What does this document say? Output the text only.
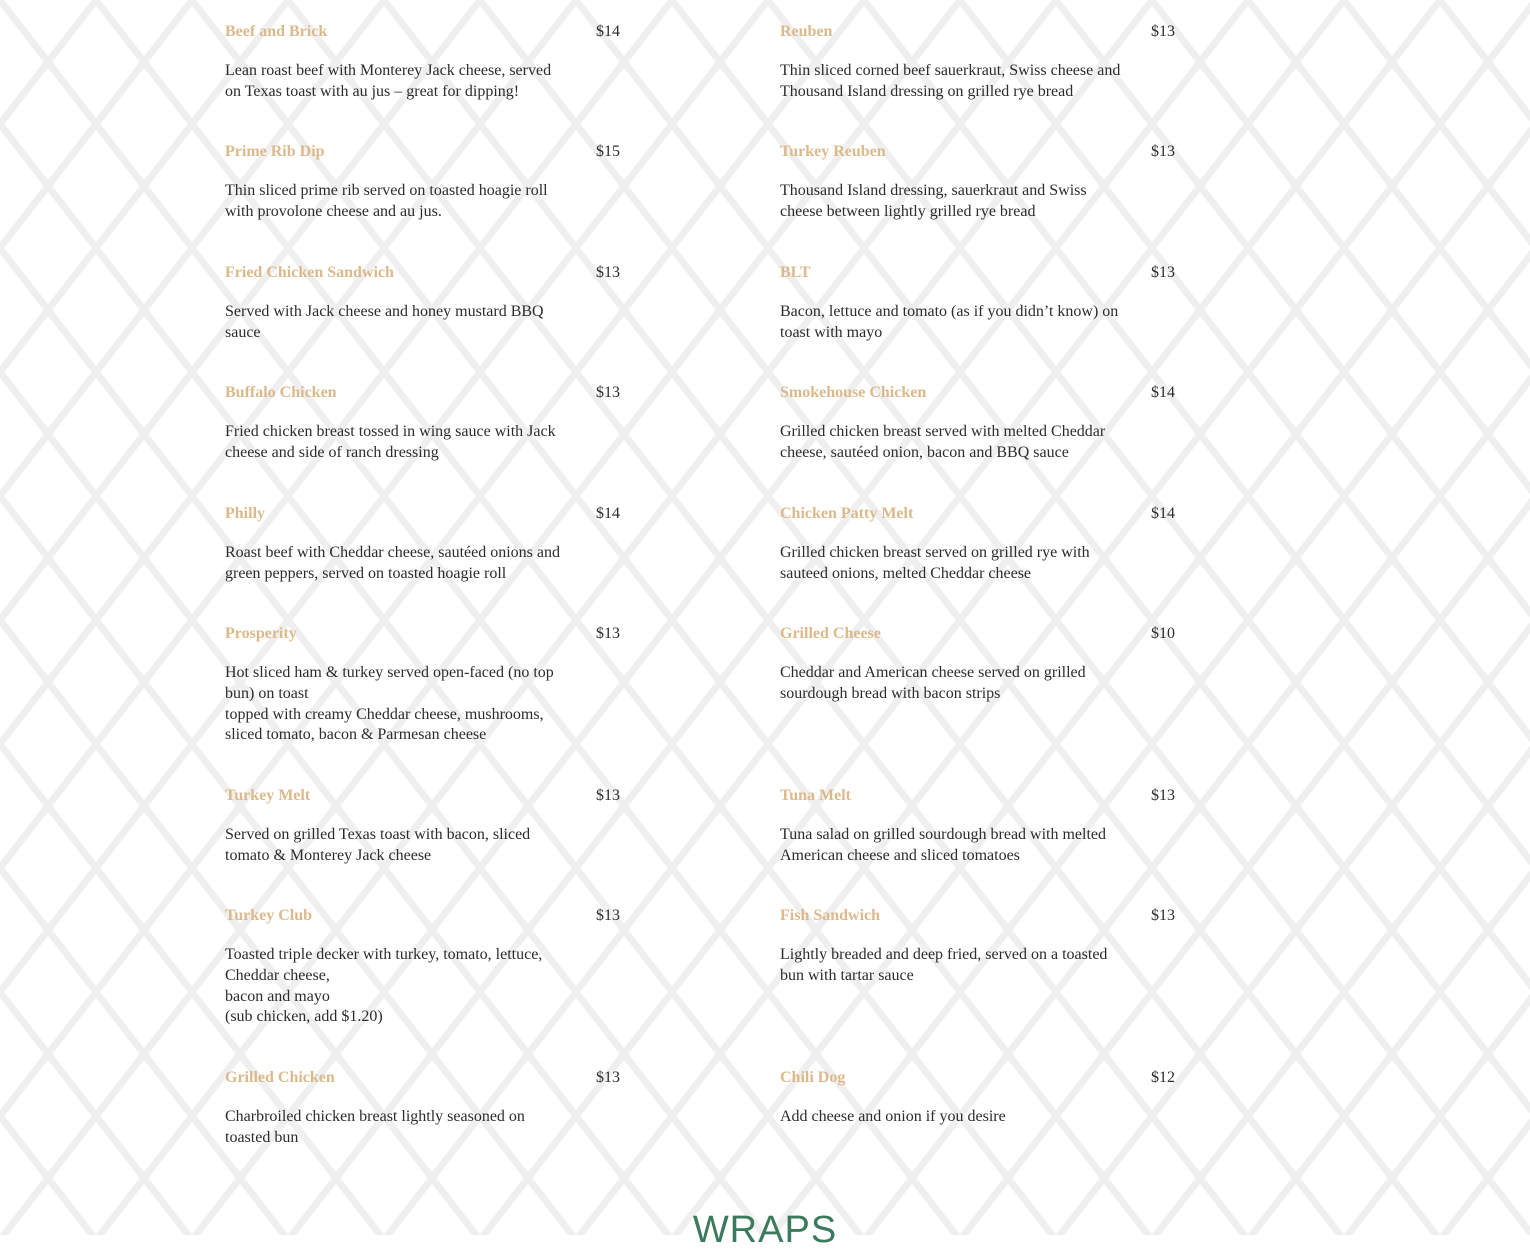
Beef and Brick	$14
Lean roast beef with Monterey Jack cheese, served on Texas toast with au jus – great for dipping!
Prime Rib Dip	$15
Thin sliced prime rib served on toasted hoagie roll with provolone cheese and au jus.
Fried Chicken Sandwich	$13
Served with Jack cheese and honey mustard BBQ sauce
Buffalo Chicken	$13
Fried chicken breast tossed in wing sauce with Jack cheese and side of ranch dressing
Philly	$14
Roast beef with Cheddar cheese, sautéed onions and green peppers, served on toasted hoagie roll
Prosperity	$13
Hot sliced ham & turkey served open-faced (no top bun) on toast
topped with creamy Cheddar cheese, mushrooms, sliced tomato, bacon & Parmesan cheese
Turkey Melt	$13
Served on grilled Texas toast with bacon, sliced tomato & Monterey Jack cheese
Turkey Club	$13
Toasted triple decker with turkey, tomato, lettuce, Cheddar cheese,
bacon and mayo
(sub chicken, add $1.20)
Grilled Chicken	$13
Charbroiled chicken breast lightly seasoned on toasted bun
Reuben	$13
Thin sliced corned beef sauerkraut, Swiss cheese and Thousand Island dressing on grilled rye bread
Turkey Reuben	$13
Thousand Island dressing, sauerkraut and Swiss cheese between lightly grilled rye bread
BLT	$13
Bacon, lettuce and tomato (as if you didn’t know) on toast with mayo
Smokehouse Chicken	$14
Grilled chicken breast served with melted Cheddar cheese, sautéed onion, bacon and BBQ sauce
Chicken Patty Melt	$14
Grilled chicken breast served on grilled rye with sauteed onions, melted Cheddar cheese
Grilled Cheese	$10
Cheddar and American cheese served on grilled sourdough bread with bacon strips
Tuna Melt	$13
Tuna salad on grilled sourdough bread with melted American cheese and sliced tomatoes
Fish Sandwich	$13
Lightly breaded and deep fried, served on a toasted bun with tartar sauce
Chili Dog	$12
Add cheese and onion if you desire
WRAPS
